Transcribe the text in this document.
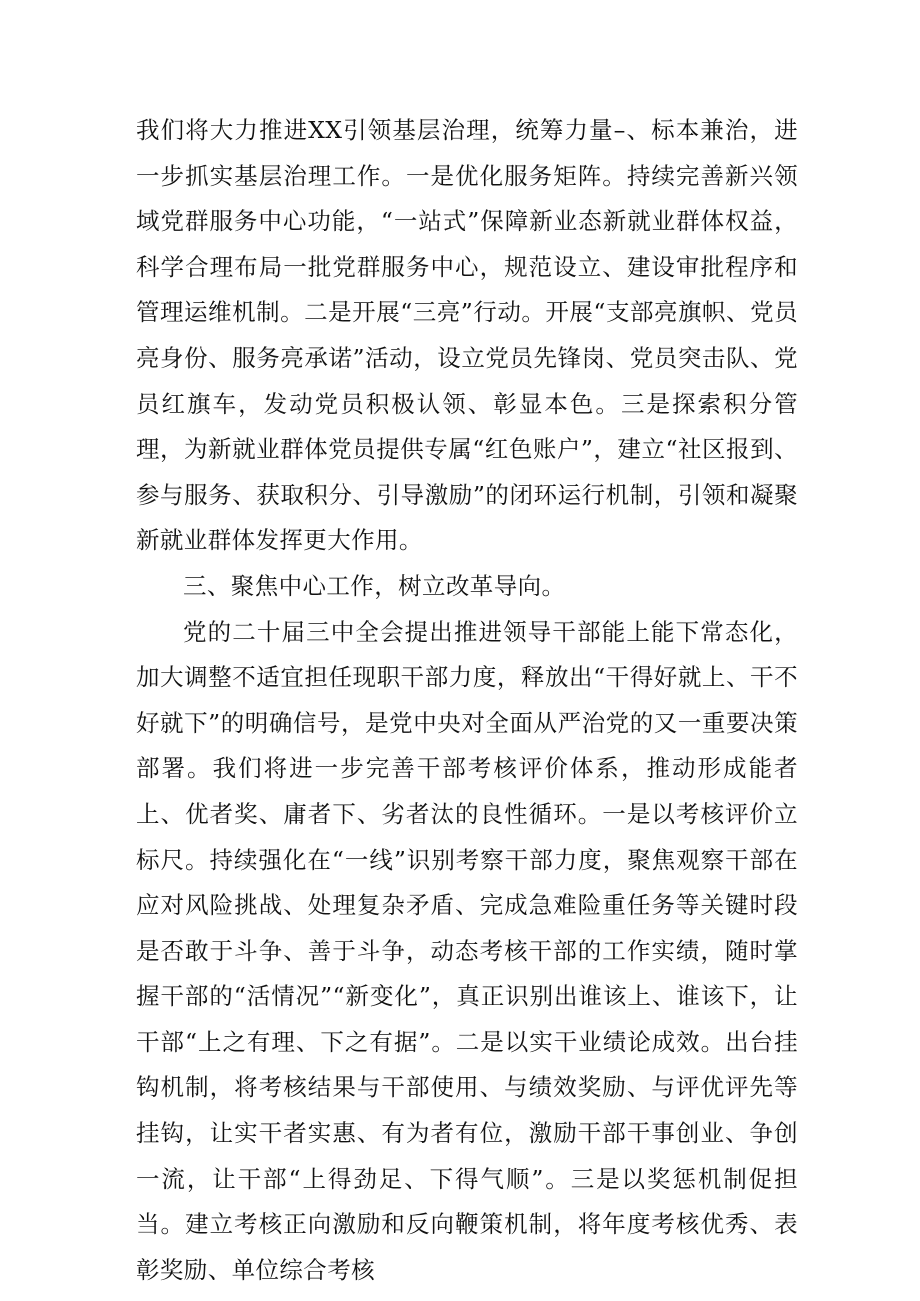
我们将大力推进XX引领基层治理，统筹力量–、标本兼治，进一步抓实基层治理工作。一是优化服务矩阵。持续完善新兴领域党群服务中心功能，“一站式”保障新业态新就业群体权益，科学合理布局一批党群服务中心，规范设立、建设审批程序和管理运维机制。二是开展“三亮”行动。开展“支部亮旗帜、党员亮身份、服务亮承诺”活动，设立党员先锋岗、党员突击队、党员红旗车，发动党员积极认领、彰显本色。三是探索积分管理，为新就业群体党员提供专属“红色账户”，建立“社区报到、参与服务、获取积分、引导激励”的闭环运行机制，引领和凝聚新就业群体发挥更大作用。

三、聚焦中心工作，树立改革导向。

党的二十届三中全会提出推进领导干部能上能下常态化，加大调整不适宜担任现职干部力度，释放出“干得好就上、干不好就下”的明确信号，是党中央对全面从严治党的又一重要决策部署。我们将进一步完善干部考核评价体系，推动形成能者上、优者奖、庸者下、劣者汰的良性循环。一是以考核评价立标尺。持续强化在“一线”识别考察干部力度，聚焦观察干部在应对风险挑战、处理复杂矛盾、完成急难险重任务等关键时段是否敢于斗争、善于斗争，动态考核干部的工作实绩，随时掌握干部的“活情况”“新变化”，真正识别出谁该上、谁该下，让干部“上之有理、下之有据”。二是以实干业绩论成效。出台挂钩机制，将考核结果与干部使用、与绩效奖励、与评优评先等挂钩，让实干者实惠、有为者有位，激励干部干事创业、争创一流，让干部“上得劲足、下得气顺”。三是以奖惩机制促担当。建立考核正向激励和反向鞭策机制，将年度考核优秀、表彰奖励、单位综合考核
